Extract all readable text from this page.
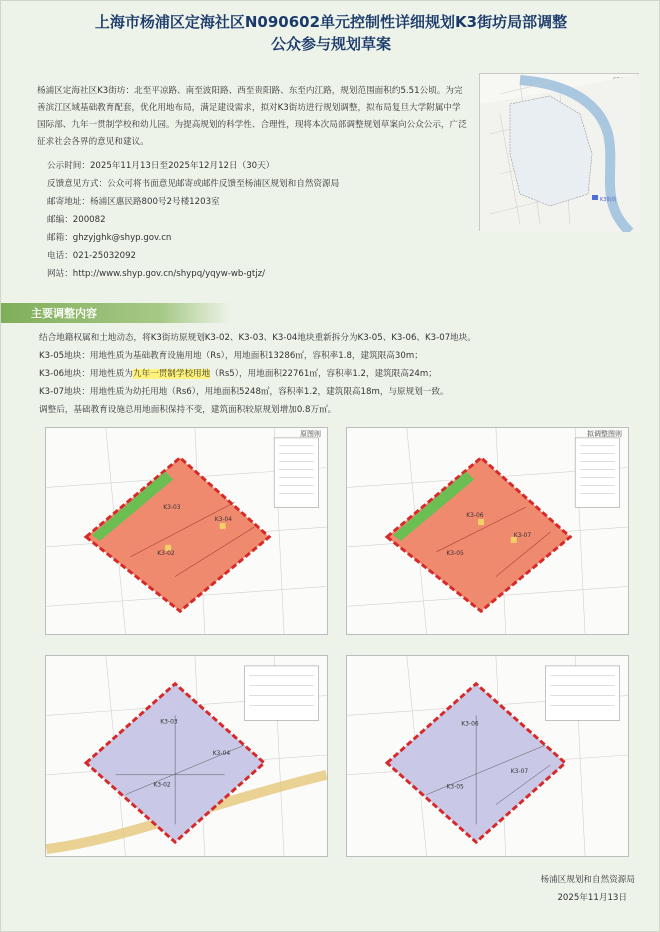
上海市杨浦区定海社区N090602单元控制性详细规划K3街坊局部调整
公众参与规划草案
杨浦区定海社区K3街坊：北至平凉路、南至波阳路、西至贵阳路、东至内江路，规划范围面积约5.51公顷。为完善滨江区域基础教育配套，优化用地布局，满足建设需求，拟对K3街坊进行规划调整，拟布局复旦大学附属中学国际部、九年一贯制学校和幼儿园。为提高规划的科学性、合理性，现将本次局部调整规划草案向公众公示，广泛征求社会各界的意见和建议。
公示时间：2025年11月13日至2025年12月12日（30天）
反馈意见方式：公众可将书面意见邮寄或邮件反馈至杨浦区规划和自然资源局
邮寄地址：杨浦区惠民路800号2号楼1203室
邮编：200082
邮箱：ghzyjghk@shyp.gov.cn
电话：021-25032092
网站：http://www.shyp.gov.cn/shypq/yqyw-wb-gtjz/
K3街坊
主要调整内容
结合地籍权属和土地动态，将K3街坊原规划K3-02、K3-03、K3-04地块重新拆分为K3-05、K3-06、K3-07地块。
K3-05地块：用地性质为基础教育设施用地（Rs），用地面积13286㎡，容积率1.8，建筑限高30m；
K3-06地块：用地性质为九年一贯制学校用地（Rs5），用地面积22761㎡，容积率1.2，建筑限高24m；
K3-07地块：用地性质为幼托用地（Rs6），用地面积5248㎡，容积率1.2，建筑限高18m，与原规划一致。
调整后，基础教育设施总用地面积保持不变，建筑面积较原规划增加0.8万㎡。
原图则
K3-03
K3-04
K3-02
拟调整图则
K3-06
K3-07
K3-05
K3-03
K3-04
K3-02
K3-06
K3-07
K3-05
杨浦区规划和自然资源局
2025年11月13日
